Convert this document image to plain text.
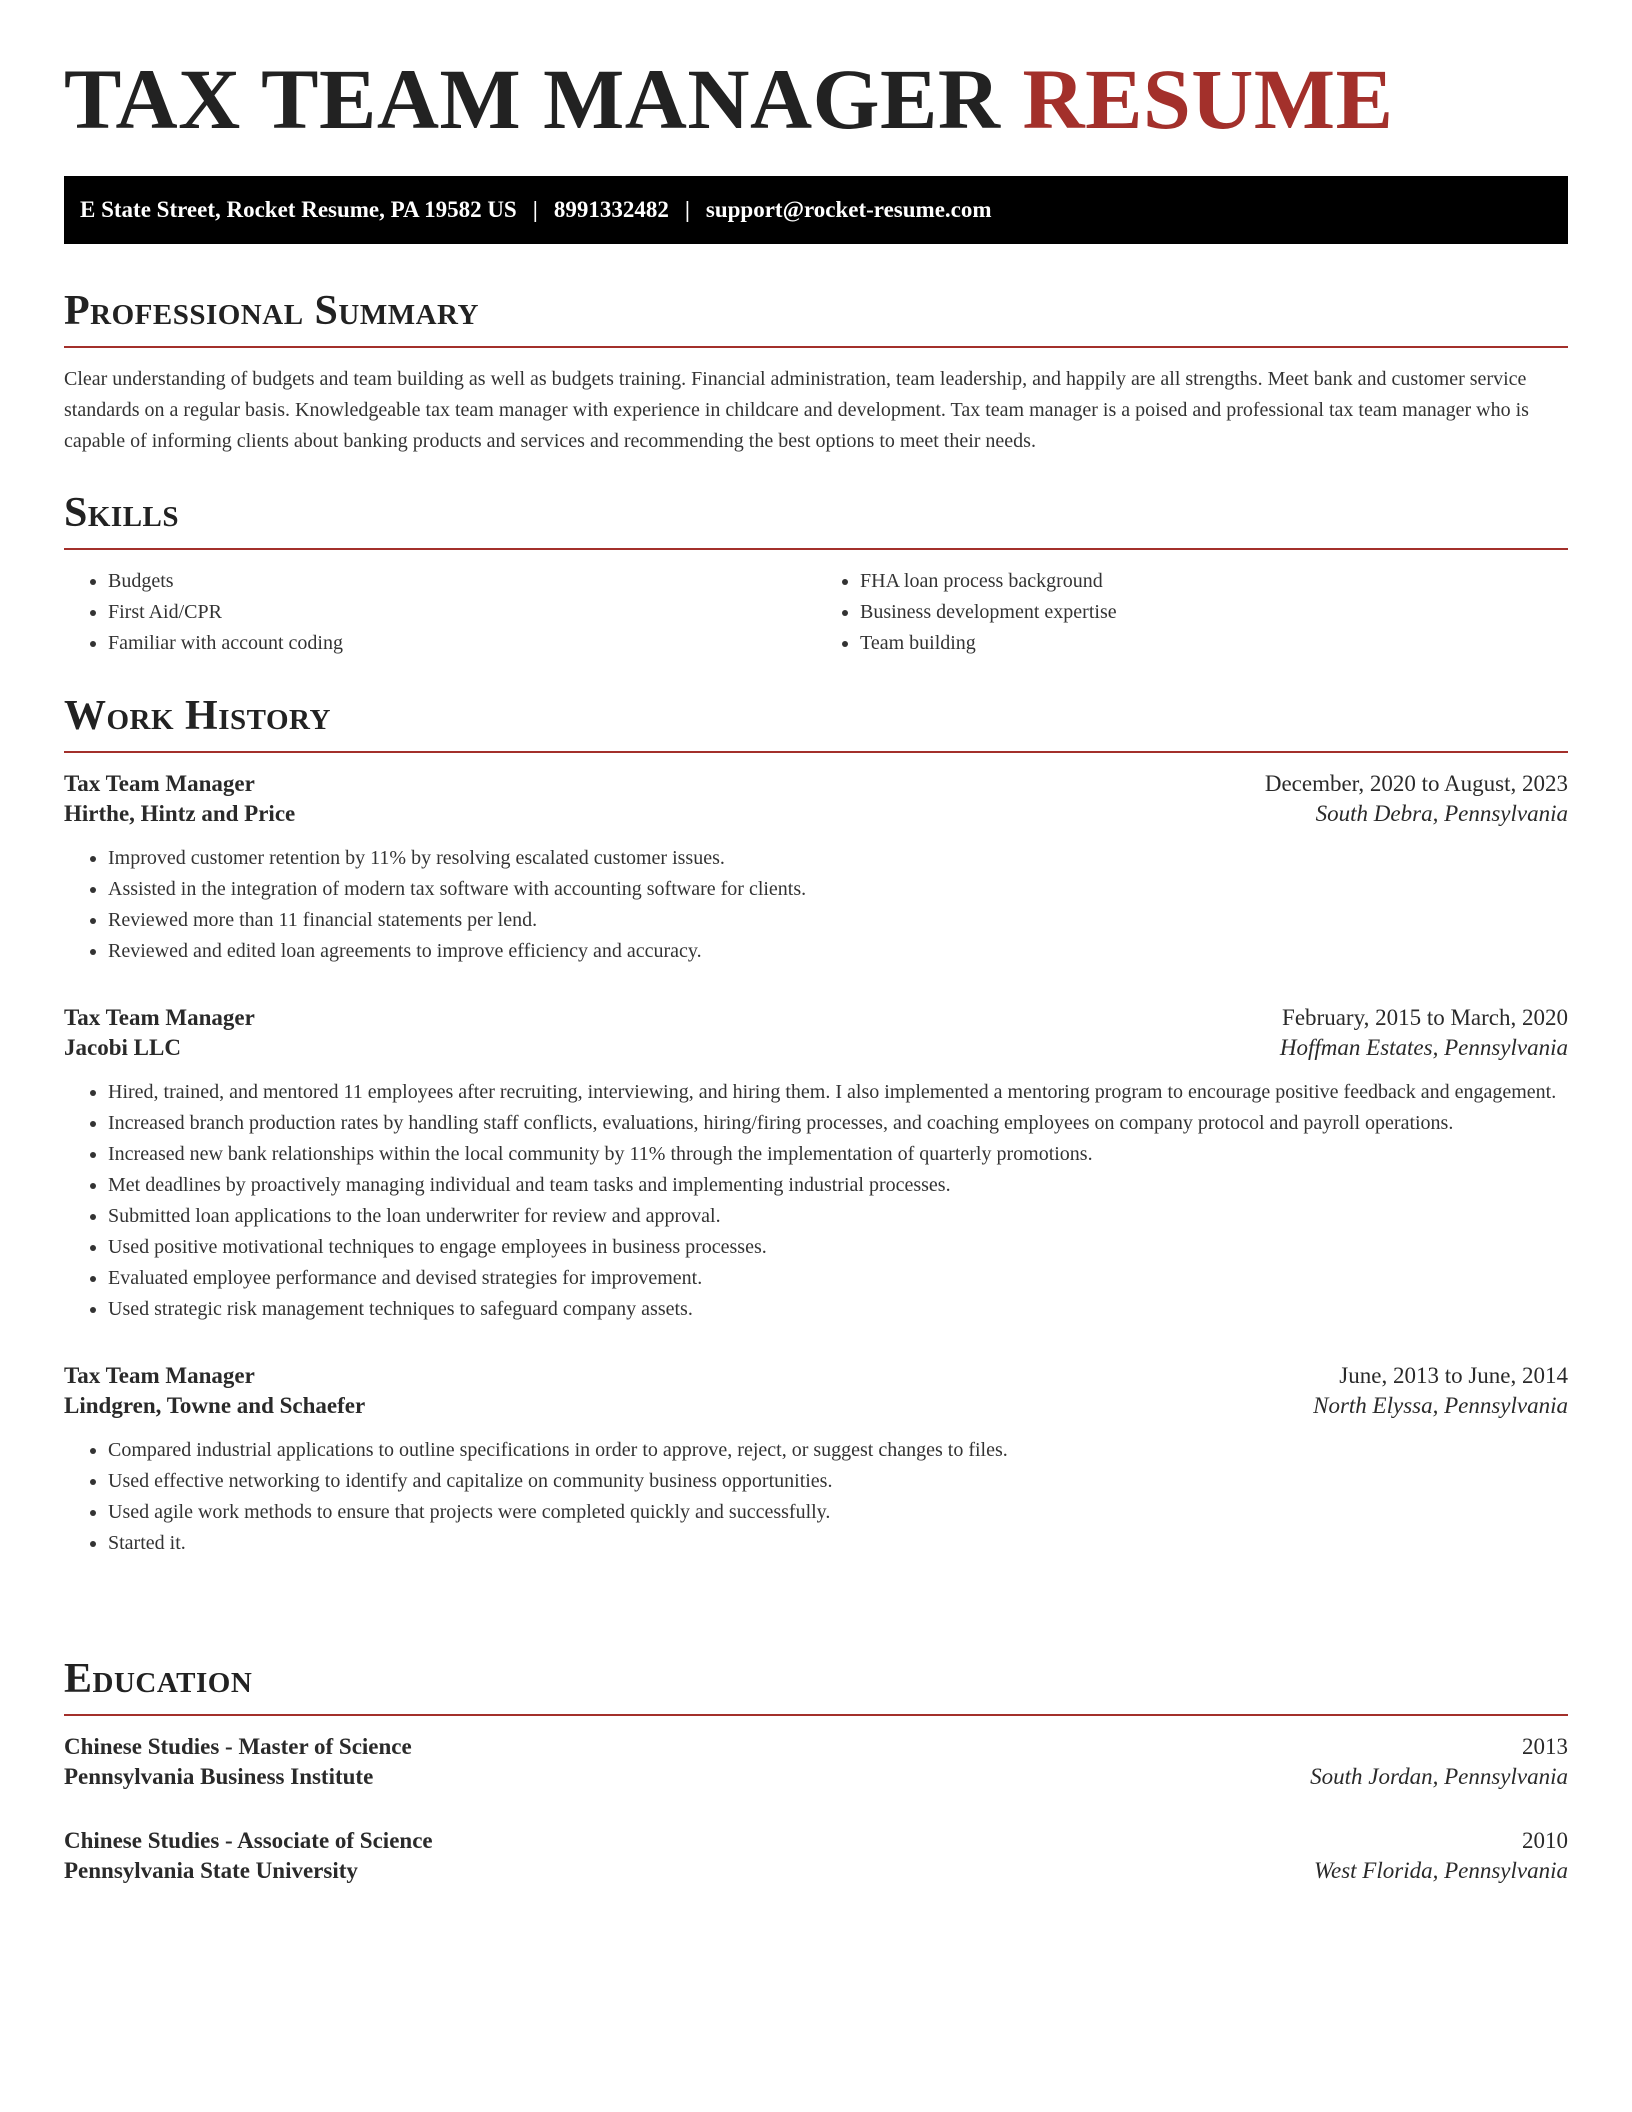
TAX TEAM MANAGER RESUME
E State Street, Rocket Resume, PA 19582 US | 8991332482 | support@rocket-resume.com
Professional Summary

Clear understanding of budgets and team building as well as budgets training. Financial administration, team leadership, and happily are all strengths. Meet bank and customer service standards on a regular basis. Knowledgeable tax team manager with experience in childcare and development. Tax team manager is a poised and professional tax team manager who is capable of informing clients about banking products and services and recommending the best options to meet their needs.

Skills
• Budgets
• First Aid/CPR
• Familiar with account coding
• FHA loan process background
• Business development expertise
• Team building
Work History
Tax Team Manager	December, 2020 to August, 2023
Hirthe, Hintz and Price	South Debra, Pennsylvania
• Improved customer retention by 11% by resolving escalated customer issues.
• Assisted in the integration of modern tax software with accounting software for clients.
• Reviewed more than 11 financial statements per lend.
• Reviewed and edited loan agreements to improve efficiency and accuracy.
Tax Team Manager	February, 2015 to March, 2020
Jacobi LLC	Hoffman Estates, Pennsylvania
• Hired, trained, and mentored 11 employees after recruiting, interviewing, and hiring them. I also implemented a mentoring program to encourage positive feedback and engagement.
• Increased branch production rates by handling staff conflicts, evaluations, hiring/firing processes, and coaching employees on company protocol and payroll operations.
• Increased new bank relationships within the local community by 11% through the implementation of quarterly promotions.
• Met deadlines by proactively managing individual and team tasks and implementing industrial processes.
• Submitted loan applications to the loan underwriter for review and approval.
• Used positive motivational techniques to engage employees in business processes.
• Evaluated employee performance and devised strategies for improvement.
• Used strategic risk management techniques to safeguard company assets.
Tax Team Manager	June, 2013 to June, 2014
Lindgren, Towne and Schaefer	North Elyssa, Pennsylvania
• Compared industrial applications to outline specifications in order to approve, reject, or suggest changes to files.
• Used effective networking to identify and capitalize on community business opportunities.
• Used agile work methods to ensure that projects were completed quickly and successfully.
• Started it.
Education
Chinese Studies - Master of Science	2013
Pennsylvania Business Institute	South Jordan, Pennsylvania
Chinese Studies - Associate of Science	2010
Pennsylvania State University	West Florida, Pennsylvania
